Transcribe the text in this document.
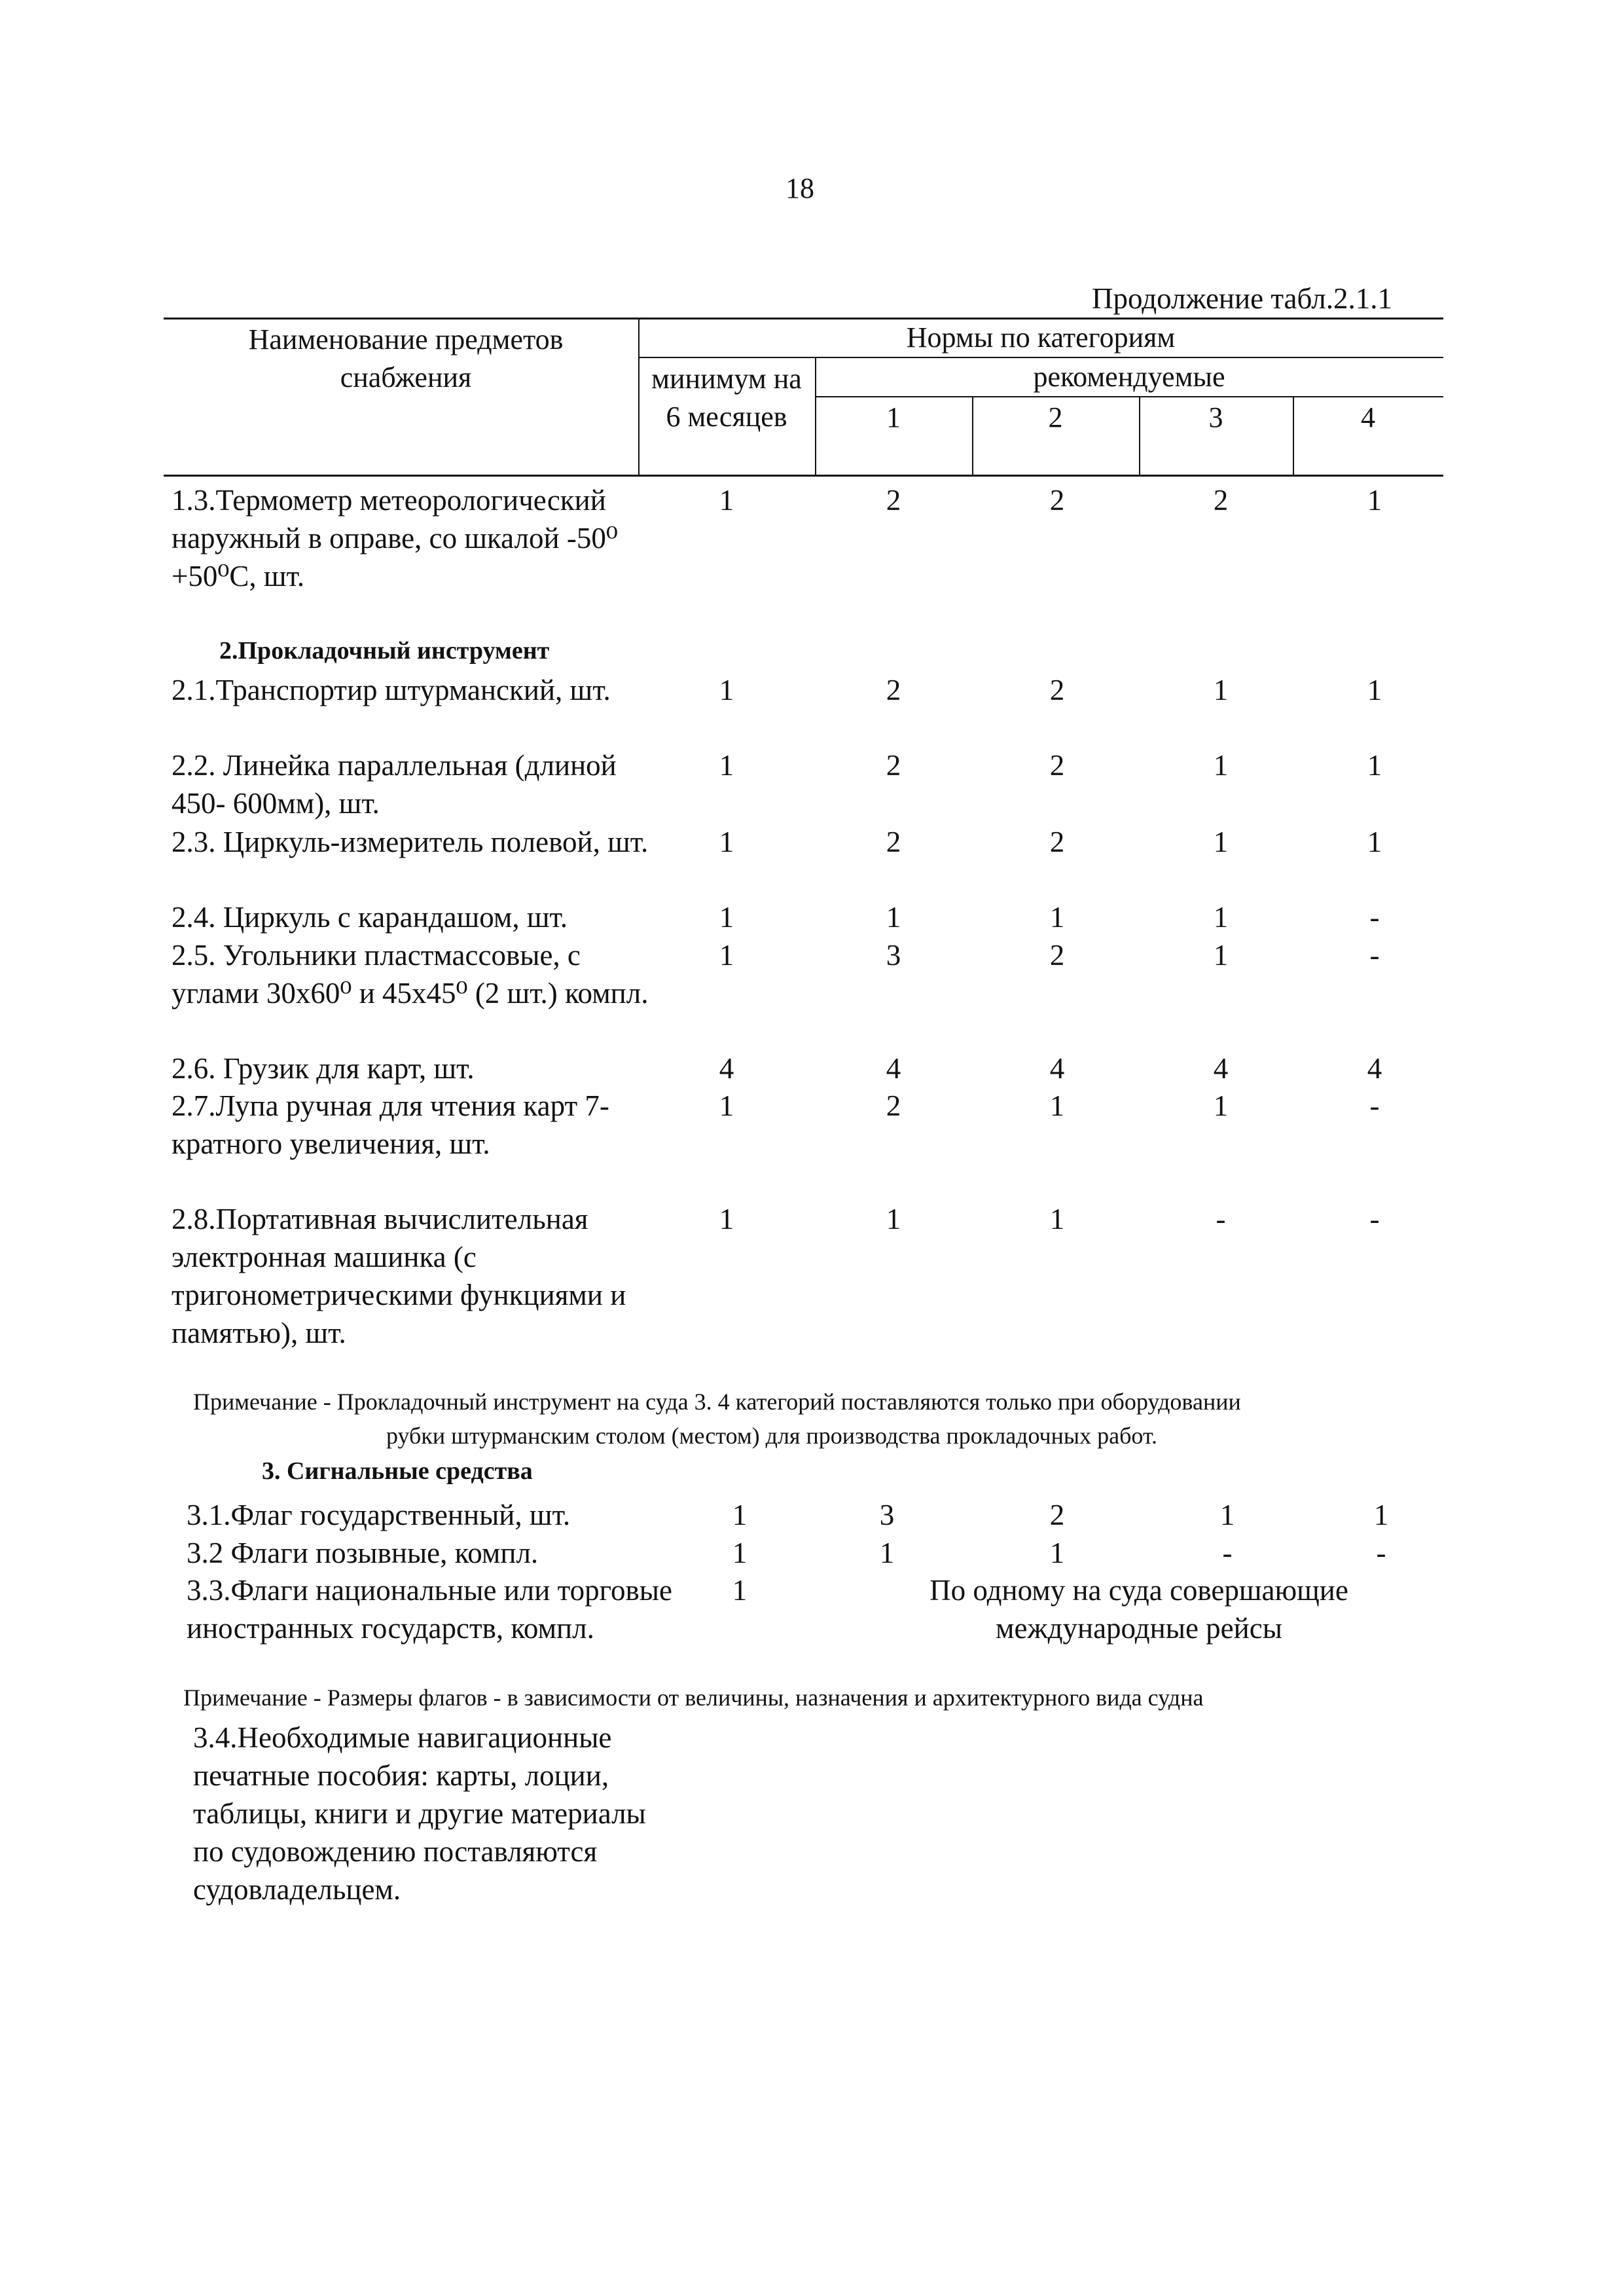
18
Продолжение табл.2.1.1
Наименование предметов снабжения
Нормы по категориям
минимум на 6 месяцев
рекомендуемые
1	2	3	4
1.3.Термометр метеорологический наружный в оправе, со шкалой -50⁰ +50⁰С, шт.
1	2	2	2	1
2.Прокладочный инструмент
2.1.Транспортир штурманский, шт.	1	2	2	1	1
2.2. Линейка параллельная (длиной 450- 600мм), шт.
1	2	2	1	1
2.3. Циркуль-измеритель полевой, шт.	1	2	2	1	1
2.4. Циркуль с карандашом, шт.	1	1	1	1	-
2.5. Угольники пластмассовые, с углами 30х60⁰ и 45х45⁰ (2 шт.) компл.
1	3	2	1	-
2.6. Грузик для карт, шт.	4	4	4	4	4
2.7.Лупа ручная для чтения карт 7-кратного увеличения, шт.
1	2	1	1	-
2.8.Портативная вычислительная электронная машинка (с тригонометрическими функциями и памятью), шт.
1	1	1	-	-
Примечание - Прокладочный инструмент на суда 3. 4 категорий поставляются только при оборудовании
рубки штурманским столом (местом) для производства прокладочных работ.
3. Сигнальные средства
3.1.Флаг государственный, шт.	1	3	2	1	1
3.2 Флаги позывные, компл.	1	1	1	-	-
3.3.Флаги национальные или торговые иностранных государств, компл.
1	По одному на суда совершающие международные рейсы
Примечание - Размеры флагов - в зависимости от величины, назначения и архитектурного вида судна
3.4.Необходимые навигационные печатные пособия: карты, лоции, таблицы, книги и другие материалы по судовождению поставляются судовладельцем.
